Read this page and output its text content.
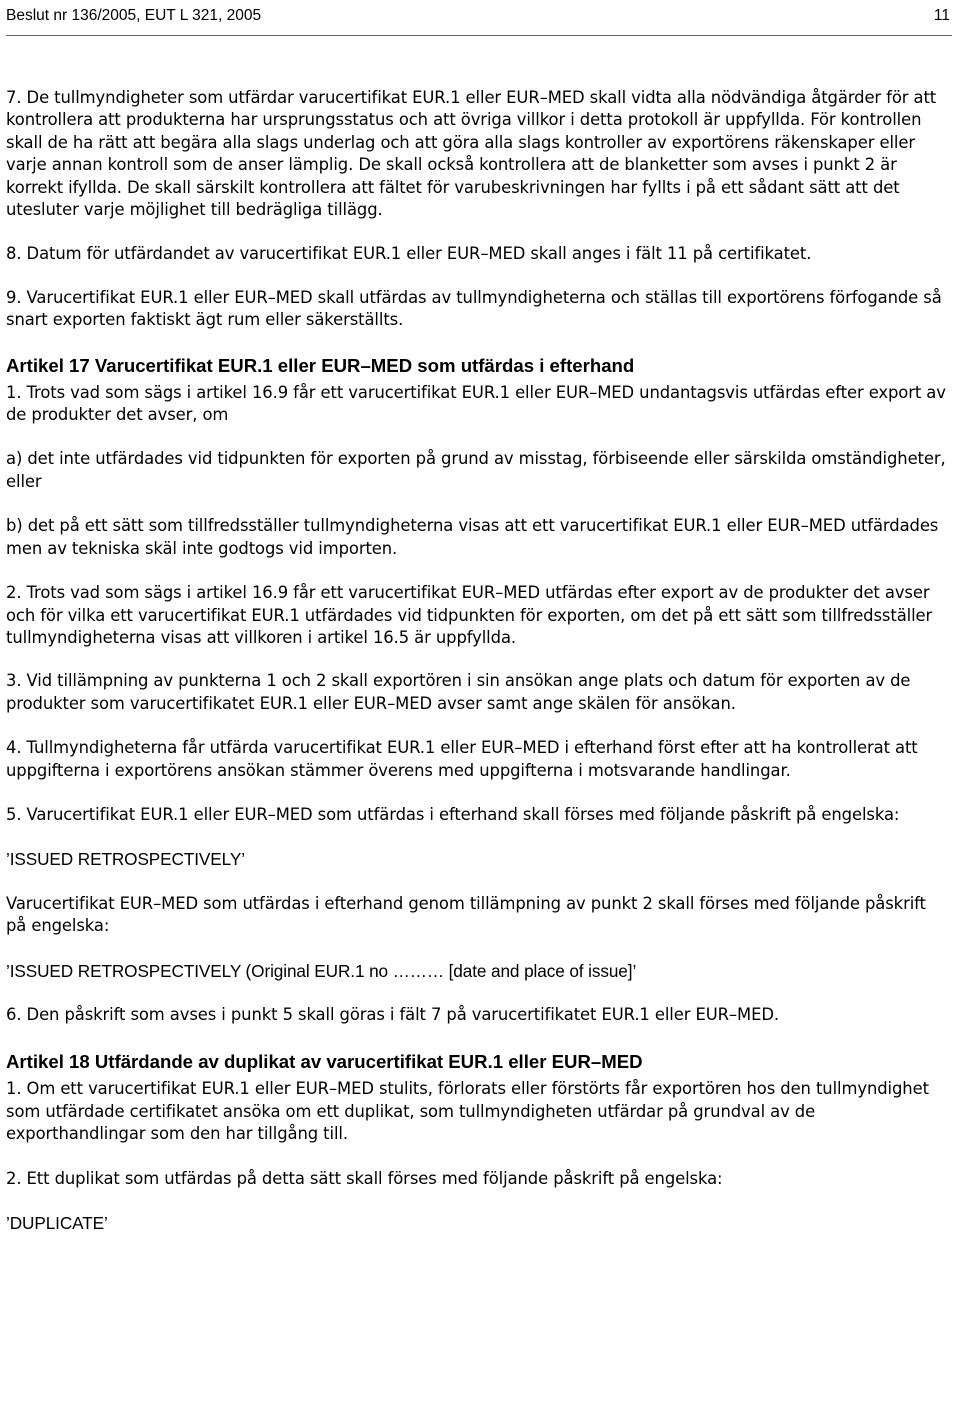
Beslut nr 136/2005, EUT L 321, 2005	11

7. De tullmyndigheter som utfärdar varucertifikat EUR.1 eller EUR–MED skall vidta alla nödvändiga åtgärder för att kontrollera att produkterna har ursprungsstatus och att övriga villkor i detta protokoll är uppfyllda. För kontrollen skall de ha rätt att begära alla slags underlag och att göra alla slags kontroller av exportörens räkenskaper eller varje annan kontroll som de anser lämplig. De skall också kontrollera att de blanketter som avses i punkt 2 är korrekt ifyllda. De skall särskilt kontrollera att fältet för varubeskrivningen har fyllts i på ett sådant sätt att det utesluter varje möjlighet till bedrägliga tillägg.

8. Datum för utfärdandet av varucertifikat EUR.1 eller EUR–MED skall anges i fält 11 på certifikatet.

9. Varucertifikat EUR.1 eller EUR–MED skall utfärdas av tullmyndigheterna och ställas till exportörens förfogande så snart exporten faktiskt ägt rum eller säkerställts.

Artikel 17 Varucertifikat EUR.1 eller EUR–MED som utfärdas i efterhand

1. Trots vad som sägs i artikel 16.9 får ett varucertifikat EUR.1 eller EUR–MED undantagsvis utfärdas efter export av de produkter det avser, om

a) det inte utfärdades vid tidpunkten för exporten på grund av misstag, förbiseende eller särskilda omständigheter, eller

b) det på ett sätt som tillfredsställer tullmyndigheterna visas att ett varucertifikat EUR.1 eller EUR–MED utfärdades men av tekniska skäl inte godtogs vid importen.

2. Trots vad som sägs i artikel 16.9 får ett varucertifikat EUR–MED utfärdas efter export av de produkter det avser och för vilka ett varucertifikat EUR.1 utfärdades vid tidpunkten för exporten, om det på ett sätt som tillfredsställer tullmyndigheterna visas att villkoren i artikel 16.5 är uppfyllda.

3. Vid tillämpning av punkterna 1 och 2 skall exportören i sin ansökan ange plats och datum för exporten av de produkter som varucertifikatet EUR.1 eller EUR–MED avser samt ange skälen för ansökan.

4. Tullmyndigheterna får utfärda varucertifikat EUR.1 eller EUR–MED i efterhand först efter att ha kontrollerat att uppgifterna i exportörens ansökan stämmer överens med uppgifterna i motsvarande handlingar.

5. Varucertifikat EUR.1 eller EUR–MED som utfärdas i efterhand skall förses med följande påskrift på engelska:

’ISSUED RETROSPECTIVELY’

Varucertifikat EUR–MED som utfärdas i efterhand genom tillämpning av punkt 2 skall förses med följande påskrift på engelska:

’ISSUED RETROSPECTIVELY (Original EUR.1 no ……… [date and place of issue]’

6. Den påskrift som avses i punkt 5 skall göras i fält 7 på varucertifikatet EUR.1 eller EUR–MED.

Artikel 18 Utfärdande av duplikat av varucertifikat EUR.1 eller EUR–MED

1. Om ett varucertifikat EUR.1 eller EUR–MED stulits, förlorats eller förstörts får exportören hos den tullmyndighet som utfärdade certifikatet ansöka om ett duplikat, som tullmyndigheten utfärdar på grundval av de exporthandlingar som den har tillgång till.

2. Ett duplikat som utfärdas på detta sätt skall förses med följande påskrift på engelska:

’DUPLICATE’
